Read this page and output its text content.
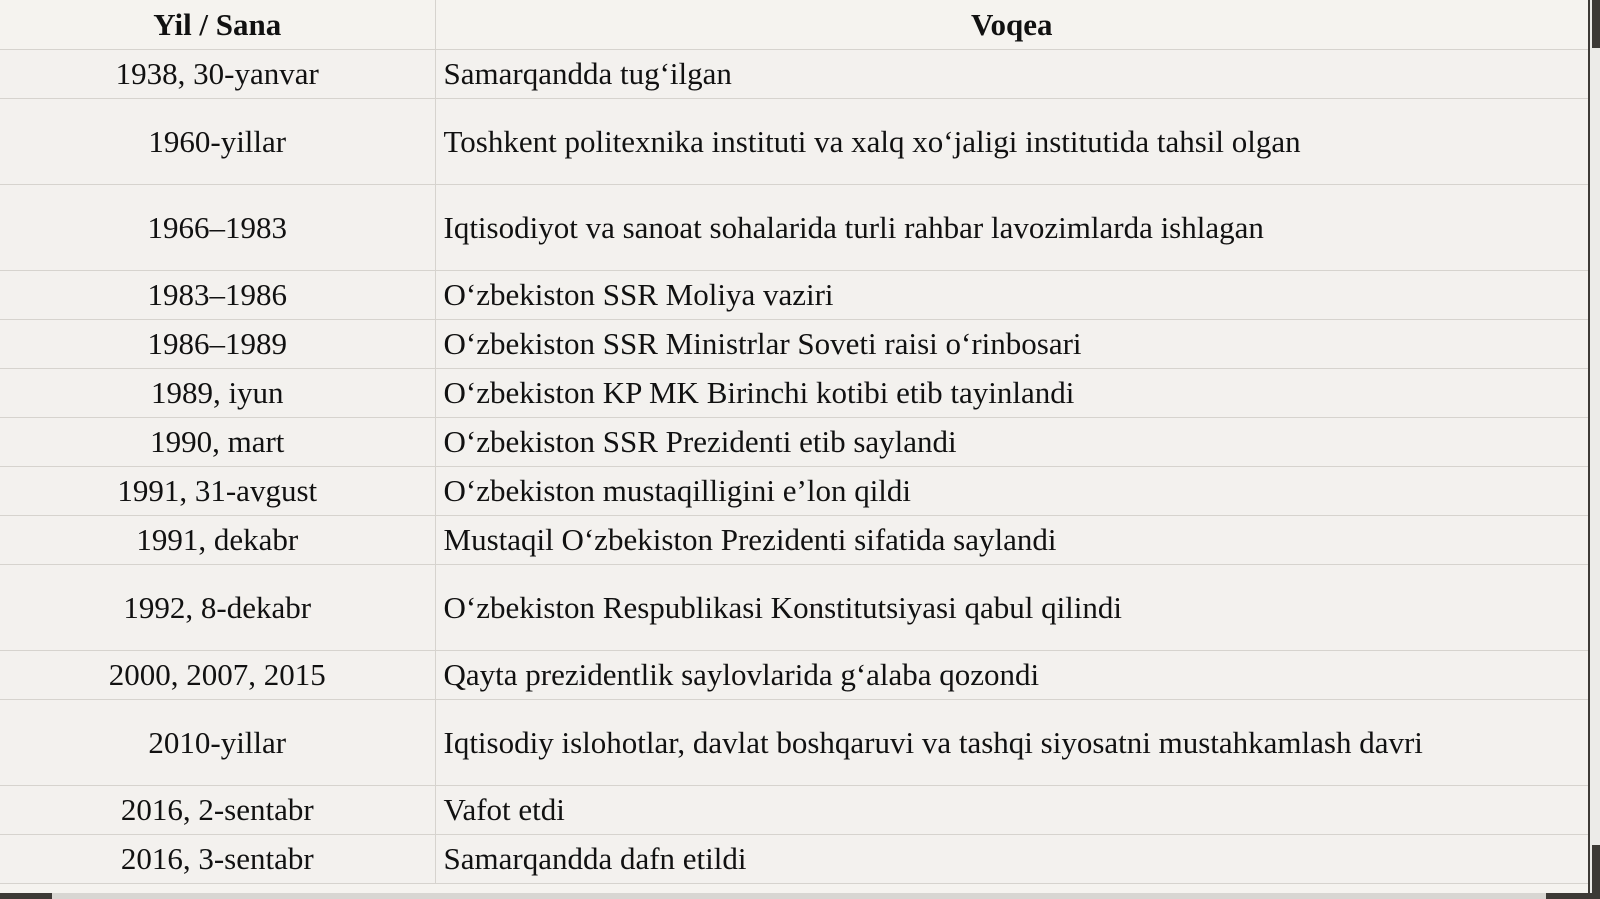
Yil / Sana	Voqea
1938, 30-yanvar	Samarqandda tug‘ilgan
1960-yillar	Toshkent politexnika instituti va xalq xo‘jaligi institutida tahsil olgan
1966–1983	Iqtisodiyot va sanoat sohalarida turli rahbar lavozimlarda ishlagan
1983–1986	O‘zbekiston SSR Moliya vaziri
1986–1989	O‘zbekiston SSR Ministrlar Soveti raisi o‘rinbosari
1989, iyun	O‘zbekiston KP MK Birinchi kotibi etib tayinlandi
1990, mart	O‘zbekiston SSR Prezidenti etib saylandi
1991, 31-avgust	O‘zbekiston mustaqilligini e’lon qildi
1991, dekabr	Mustaqil O‘zbekiston Prezidenti sifatida saylandi
1992, 8-dekabr	O‘zbekiston Respublikasi Konstitutsiyasi qabul qilindi
2000, 2007, 2015	Qayta prezidentlik saylovlarida g‘alaba qozondi
2010-yillar	Iqtisodiy islohotlar, davlat boshqaruvi va tashqi siyosatni mustahkamlash davri
2016, 2-sentabr	Vafot etdi
2016, 3-sentabr	Samarqandda dafn etildi
